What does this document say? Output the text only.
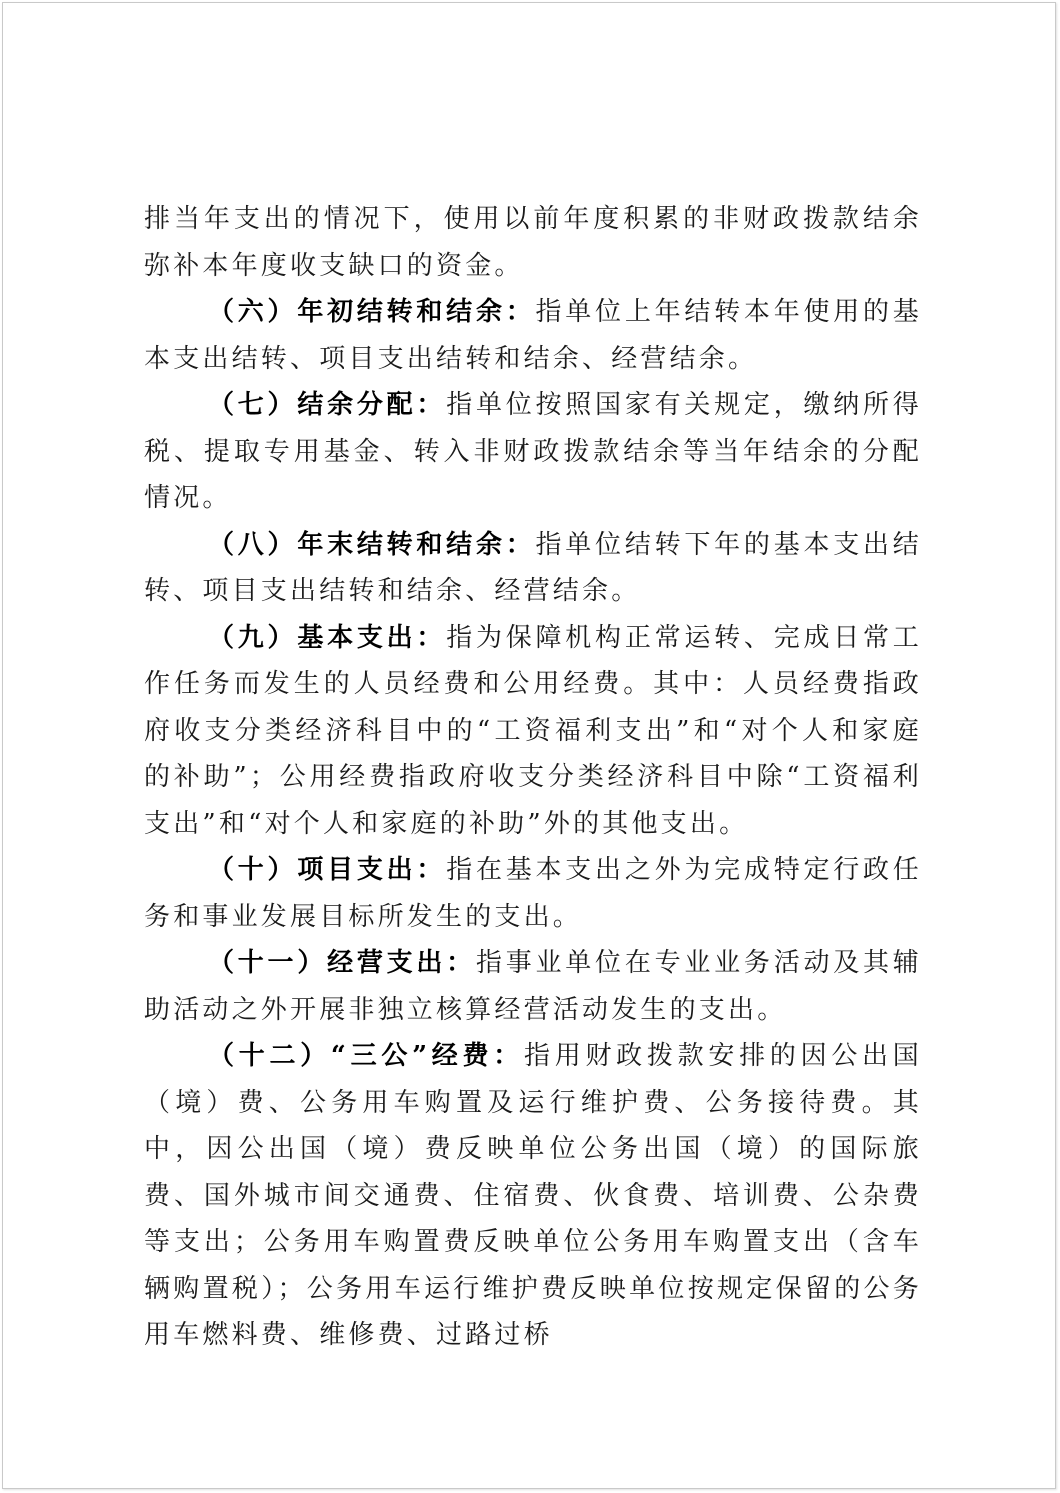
排当年支出的情况下，使用以前年度积累的非财政拨款结余弥补本年度收支缺口的资金。

（六）年初结转和结余：指单位上年结转本年使用的基本支出结转、项目支出结转和结余、经营结余。

（七）结余分配：指单位按照国家有关规定，缴纳所得税、提取专用基金、转入非财政拨款结余等当年结余的分配情况。

（八）年末结转和结余：指单位结转下年的基本支出结转、项目支出结转和结余、经营结余。

（九）基本支出：指为保障机构正常运转、完成日常工作任务而发生的人员经费和公用经费。其中：人员经费指政府收支分类经济科目中的“工资福利支出”和“对个人和家庭的补助”；公用经费指政府收支分类经济科目中除“工资福利支出”和“对个人和家庭的补助”外的其他支出。

（十）项目支出：指在基本支出之外为完成特定行政任务和事业发展目标所发生的支出。

（十一）经营支出：指事业单位在专业业务活动及其辅助活动之外开展非独立核算经营活动发生的支出。

（十二）“三公”经费：指用财政拨款安排的因公出国（境）费、公务用车购置及运行维护费、公务接待费。其中，因公出国（境）费反映单位公务出国（境）的国际旅费、国外城市间交通费、住宿费、伙食费、培训费、公杂费等支出；公务用车购置费反映单位公务用车购置支出（含车辆购置税）；公务用车运行维护费反映单位按规定保留的公务用车燃料费、维修费、过路过桥
